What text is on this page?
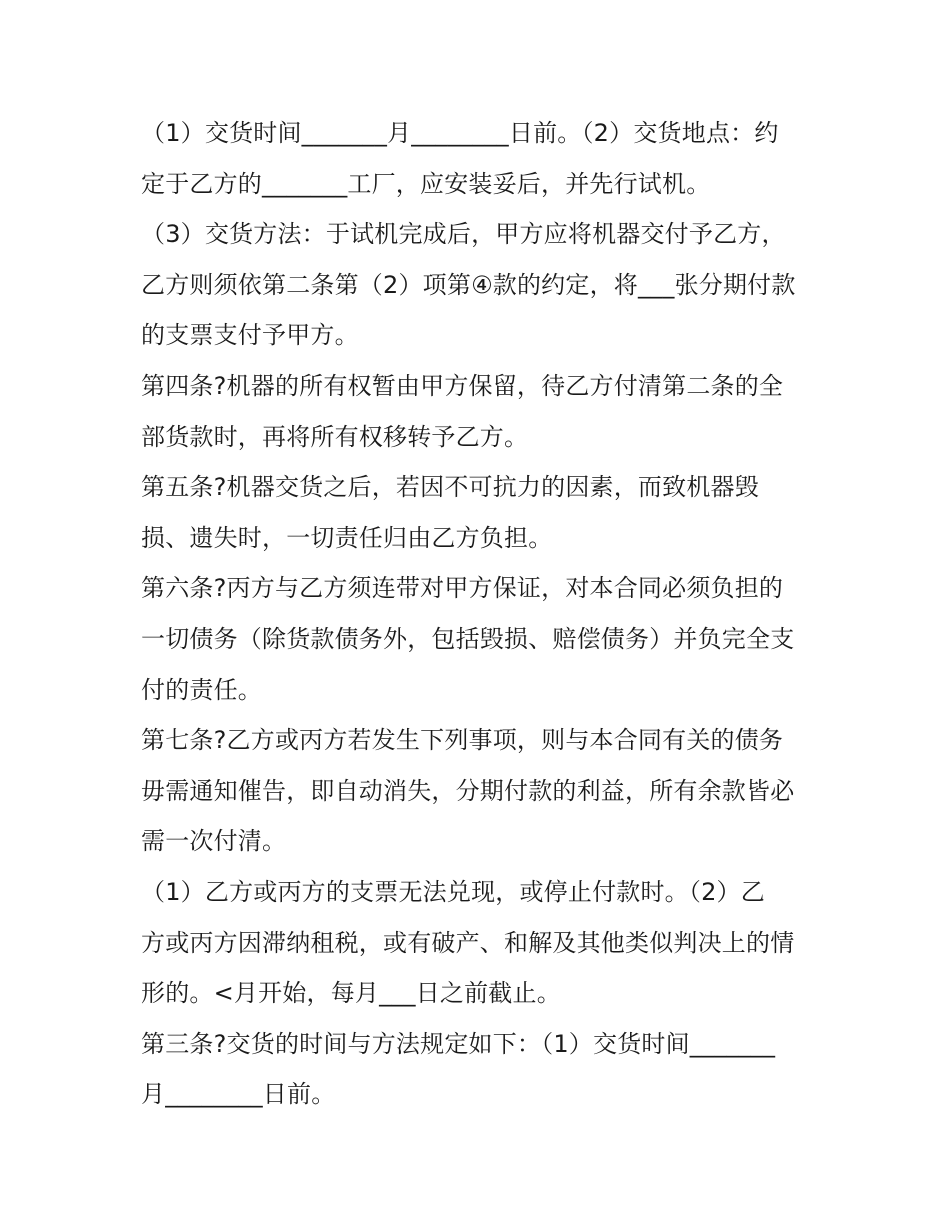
（1）交货时间_______月________日前。（2）交货地点：约
定于乙方的_______工厂，应安装妥后，并先行试机。
（3）交货方法：于试机完成后，甲方应将机器交付予乙方，
乙方则须依第二条第（2）项第④款的约定，将___张分期付款
的支票支付予甲方。
第四条?机器的所有权暂由甲方保留，待乙方付清第二条的全
部货款时，再将所有权移转予乙方。
第五条?机器交货之后，若因不可抗力的因素，而致机器毁
损、遗失时，一切责任归由乙方负担。
第六条?丙方与乙方须连带对甲方保证，对本合同必须负担的
一切债务（除货款债务外，包括毁损、赔偿债务）并负完全支
付的责任。
第七条?乙方或丙方若发生下列事项，则与本合同有关的债务
毋需通知催告，即自动消失，分期付款的利益，所有余款皆必
需一次付清。
（1）乙方或丙方的支票无法兑现，或停止付款时。（2）乙
方或丙方因滞纳租税，或有破产、和解及其他类似判决上的情
形的。<月开始，每月___日之前截止。
第三条?交货的时间与方法规定如下：（1）交货时间_______
月________日前。
